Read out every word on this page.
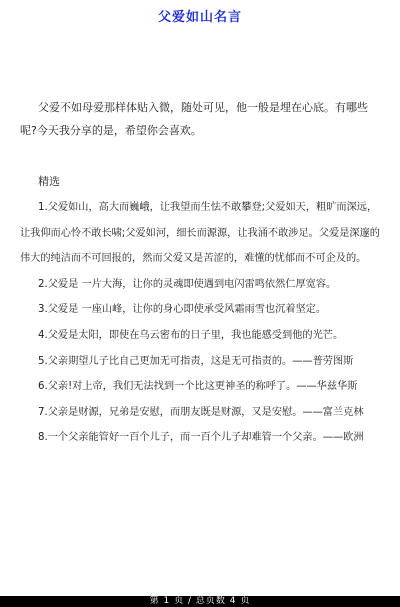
父爱如山名言
父爱不如母爱那样体贴入微，随处可见，他一般是埋在心底。有哪些呢?今天我分享的是，希望你会喜欢。
精选
1.父爱如山，高大而巍峨，让我望而生怯不敢攀登;父爱如天，粗旷而深远，让我仰而心怜不敢长啸;父爱如河，细长而源源，让我涌不敢涉足。父爱是深邃的伟大的纯洁而不可回报的，然而父爱又是苦涩的，难懂的忧郁而不可企及的。
2.父爱是 一片大海，让你的灵魂即使遇到电闪雷鸣依然仁厚宽容。
3.父爱是 一座山峰，让你的身心即使承受风霜雨雪也沉着坚定。
4.父爱是太阳，即使在乌云密布的日子里，我也能感受到他的光芒。
5.父亲期望儿子比自己更加无可指责，这是无可指责的。——普劳图斯
6.父亲!对上帝，我们无法找到一个比这更神圣的称呼了。——华兹华斯
7.父亲是财源，兄弟是安慰，而朋友既是财源，又是安慰。——富兰克林
8.一个父亲能管好一百个儿子，而一百个儿子却难管一个父亲。——欧洲
第 1 页 / 总页数 4 页
